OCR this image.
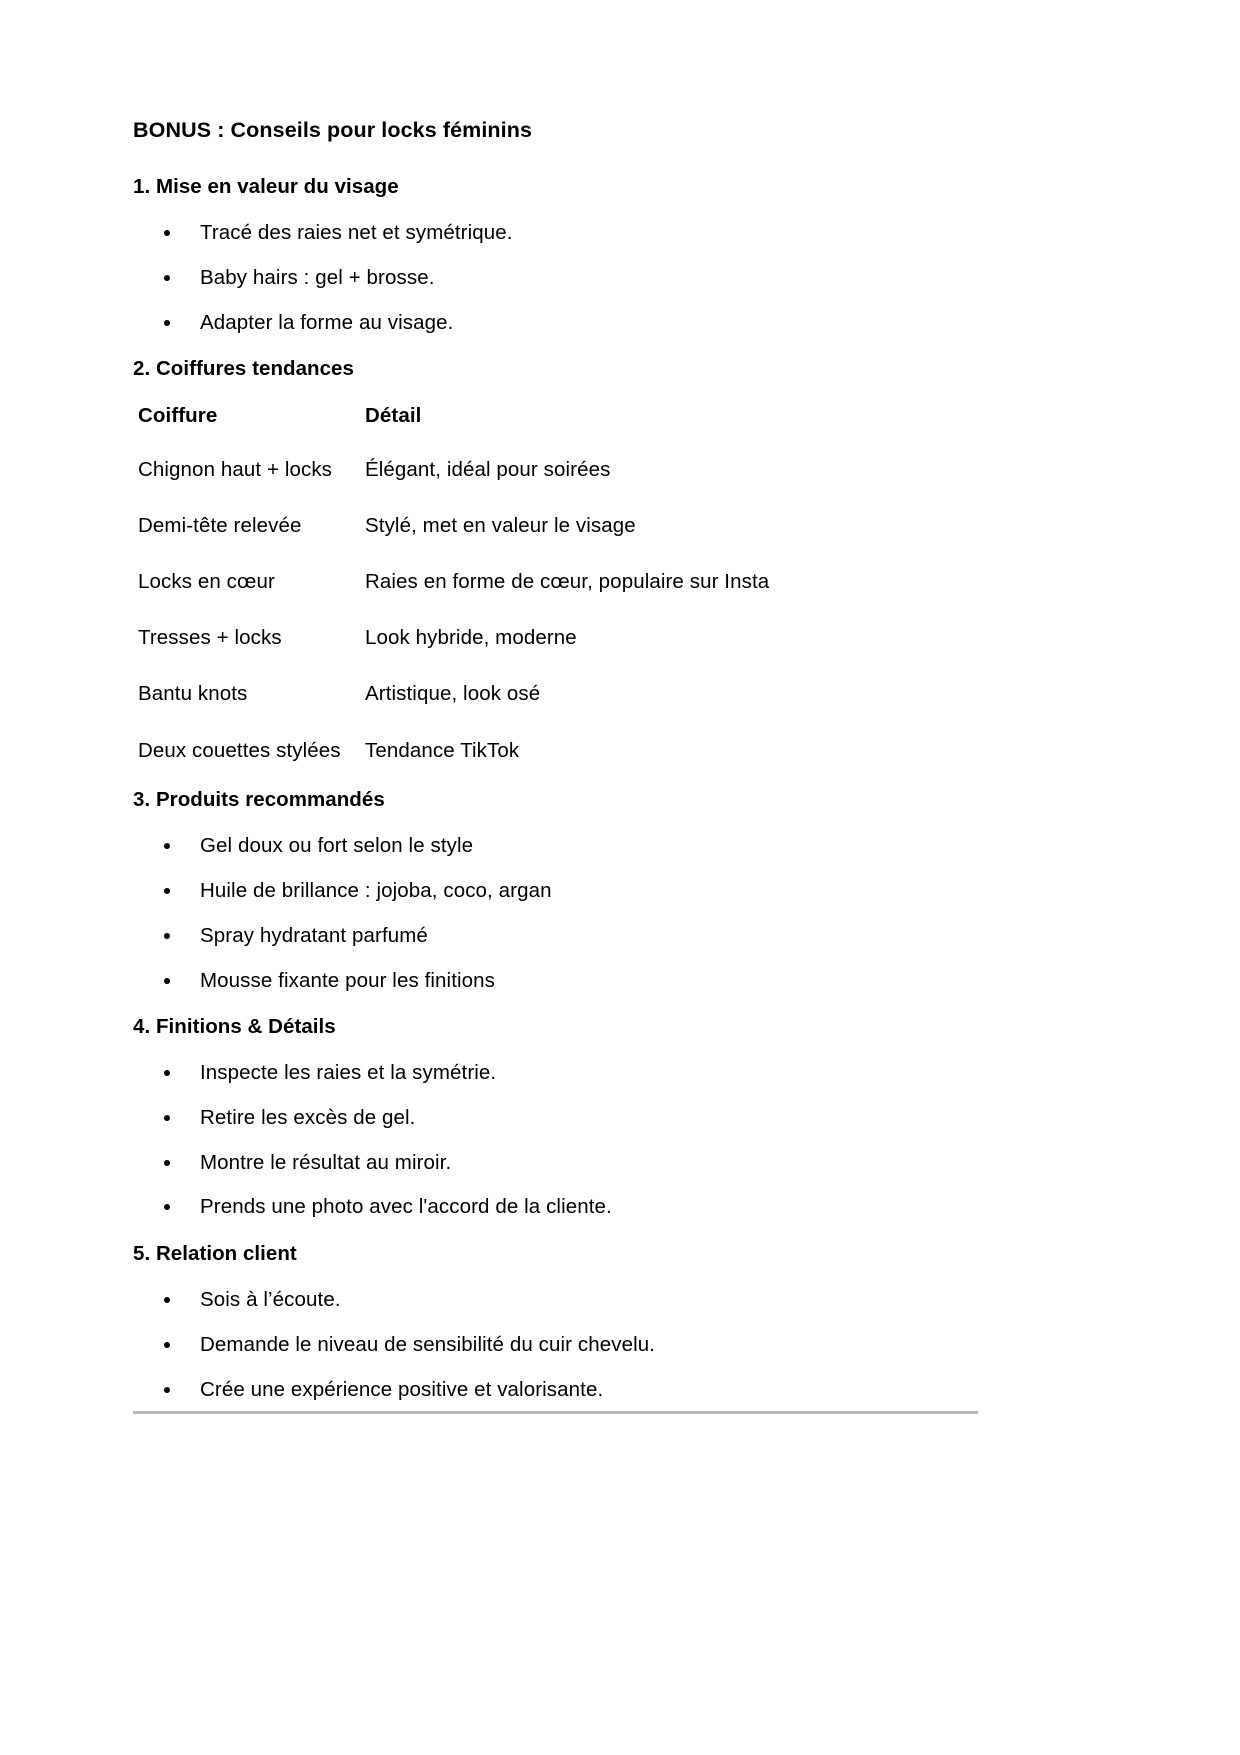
BONUS : Conseils pour locks féminins
1. Mise en valeur du visage
Tracé des raies net et symétrique.
Baby hairs : gel + brosse.
Adapter la forme au visage.
2. Coiffures tendances
Coiffure	Détail
Chignon haut + locks	Élégant, idéal pour soirées
Demi-tête relevée	Stylé, met en valeur le visage
Locks en cœur	Raies en forme de cœur, populaire sur Insta
Tresses + locks	Look hybride, moderne
Bantu knots	Artistique, look osé
Deux couettes stylées	Tendance TikTok
3. Produits recommandés
Gel doux ou fort selon le style
Huile de brillance : jojoba, coco, argan
Spray hydratant parfumé
Mousse fixante pour les finitions
4. Finitions & Détails
Inspecte les raies et la symétrie.
Retire les excès de gel.
Montre le résultat au miroir.
Prends une photo avec l'accord de la cliente.
5. Relation client
Sois à l’écoute.
Demande le niveau de sensibilité du cuir chevelu.
Crée une expérience positive et valorisante.
